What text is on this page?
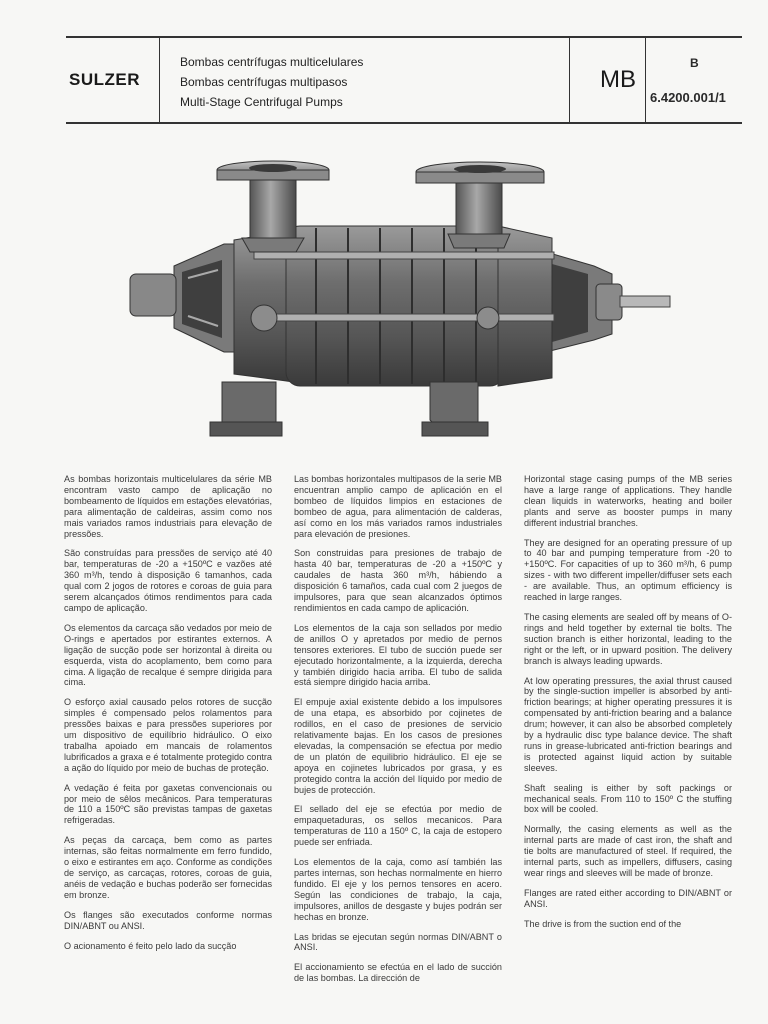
SULZER
Bombas centrífugas multicelulares
Bombas centrífugas multipasos
Multi-Stage Centrifugal Pumps
MB
B
6.4200.001/1

As bombas horizontais multicelulares da série MB encontram vasto campo de aplicação no bombeamento de líquidos em estações elevatórias, para alimentação de caldeiras, assim como nos mais variados ramos industriais para elevação de pressões.

São construídas para pressões de serviço até 40 bar, temperaturas de -20 a +150ºC e vazões até 360 m³/h, tendo à disposição 6 tamanhos, cada qual com 2 jogos de rotores e coroas de guia para serem alcançados ótimos rendimentos para cada campo de aplicação.

Os elementos da carcaça são vedados por meio de O-rings e apertados por estirantes externos. A ligação de sucção pode ser horizontal à direita ou esquerda, vista do acoplamento, bem como para cima. A ligação de recalque é sempre dirigida para cima.

O esforço axial causado pelos rotores de sucção simples é compensado pelos rolamentos para pressões baixas e para pressões superiores por um dispositivo de equilíbrio hidráulico. O eixo trabalha apoiado em mancais de rolamentos lubrificados a graxa e é totalmente protegido contra a ação do líquido por meio de buchas de proteção.

A vedação é feita por gaxetas convencionais ou por meio de sêlos mecânicos. Para temperaturas de 110 a 150ºC são previstas tampas de gaxetas refrigeradas.

As peças da carcaça, bem como as partes internas, são feitas normalmente em ferro fundido, o eixo e estirantes em aço. Conforme as condições de serviço, as carcaças, rotores, coroas de guia, anéis de vedação e buchas poderão ser fornecidas em bronze.

Os flanges são executados conforme normas DIN/ABNT ou ANSI.

O acionamento é feito pelo lado da sucção

Las bombas horizontales multipasos de la serie MB encuentran amplio campo de aplicación en el bombeo de líquidos limpios en estaciones de bombeo de agua, para alimentación de calderas, así como en los más variados ramos industriales para elevación de presiones.

Son construidas para presiones de trabajo de hasta 40 bar, temperaturas de -20 a +150ºC y caudales de hasta 360 m³/h, hábiendo a disposición 6 tamaños, cada cual com 2 juegos de impulsores, para que sean alcanzados óptimos rendimientos en cada campo de aplicación.

Los elementos de la caja son sellados por medio de anillos O y apretados por medio de pernos tensores exteriores. El tubo de succión puede ser ejecutado horizontalmente, a la izquierda, derecha y también dirigido hacia arriba. El tubo de salida está siempre dirigido hacia arriba.

El empuje axial existente debido a los impulsores de una etapa, es absorbido por cojinetes de rodillos, en el caso de presiones de servicio relativamente bajas. En los casos de presiones elevadas, la compensación se efectua por medio de un platón de equilibrio hidráulico. El eje se apoya en cojinetes lubricados por grasa, y es protegido contra la acción del líquido por medio de bujes de protección.

El sellado del eje se efectúa por medio de empaquetaduras, os sellos mecanicos. Para temperaturas de 110 a 150º C, la caja de estopero puede ser enfriada.

Los elementos de la caja, como así también las partes internas, son hechas normalmente en hierro fundido. El eje y los pernos tensores en acero. Según las condiciones de trabajo, la caja, impulsores, anillos de desgaste y bujes podrán ser hechas en bronze.

Las bridas se ejecutan según normas DIN/ABNT o ANSI.

El accionamiento se efectúa en el lado de succión de las bombas. La dirección de

Horizontal stage casing pumps of the MB series have a large range of applications. They handle clean liquids in waterworks, heating and boiler plants and serve as booster pumps in many different industrial branches.

They are designed for an operating pressure of up to 40 bar and pumping temperature from -20 to +150ºC. For capacities of up to 360 m³/h, 6 pump sizes - with two different impeller/diffuser sets each - are available. Thus, an optimum efficiency is reached in large ranges.

The casing elements are sealed off by means of O-rings and held together by external tie bolts. The suction branch is either horizontal, leading to the right or the left, or in upward position. The delivery branch is always leading upwards.

At low operating pressures, the axial thrust caused by the single-suction impeller is absorbed by anti-friction bearings; at higher operating pressures it is compensated by anti-friction bearing and a balance drum; however, it can also be absorbed completely by a hydraulic disc type balance device. The shaft runs in grease-lubricated anti-friction bearings and is protected against liquid action by suitable sleeves.

Shaft sealing is either by soft packings or mechanical seals. From 110 to 150º C the stuffing box will be cooled.

Normally, the casing elements as well as the internal parts are made of cast iron, the shaft and tie bolts are manufactured of steel. If required, the internal parts, such as impellers, diffusers, casing wear rings and sleeves will be made of bronze.

Flanges are rated either according to DIN/ABNT or ANSI.

The drive is from the suction end of the
